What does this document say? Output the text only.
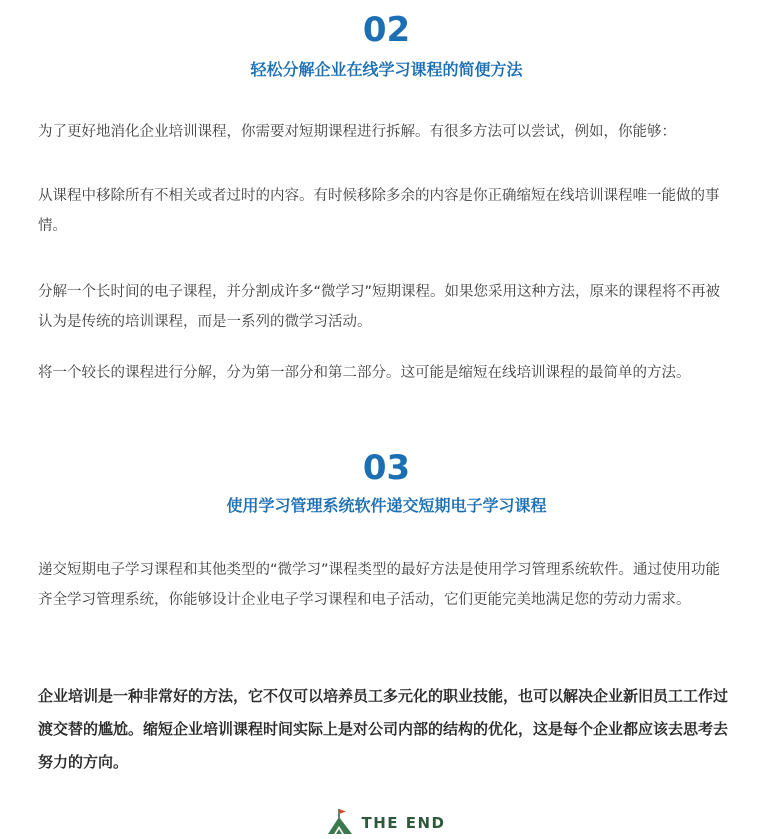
02
轻松分解企业在线学习课程的简便方法

为了更好地消化企业培训课程，你需要对短期课程进行拆解。有很多方法可以尝试，例如，你能够：

从课程中移除所有不相关或者过时的内容。有时候移除多余的内容是你正确缩短在线培训课程唯一能做的事情。

分解一个长时间的电子课程，并分割成许多“微学习”短期课程。如果您采用这种方法，原来的课程将不再被认为是传统的培训课程，而是一系列的微学习活动。

将一个较长的课程进行分解，分为第一部分和第二部分。这可能是缩短在线培训课程的最简单的方法。

03
使用学习管理系统软件递交短期电子学习课程

递交短期电子学习课程和其他类型的“微学习”课程类型的最好方法是使用学习管理系统软件。通过使用功能齐全学习管理系统，你能够设计企业电子学习课程和电子活动，它们更能完美地满足您的劳动力需求。

企业培训是一种非常好的方法，它不仅可以培养员工多元化的职业技能，也可以解决企业新旧员工工作过渡交替的尴尬。缩短企业培训课程时间实际上是对公司内部的结构的优化，这是每个企业都应该去思考去努力的方向。

THE END
